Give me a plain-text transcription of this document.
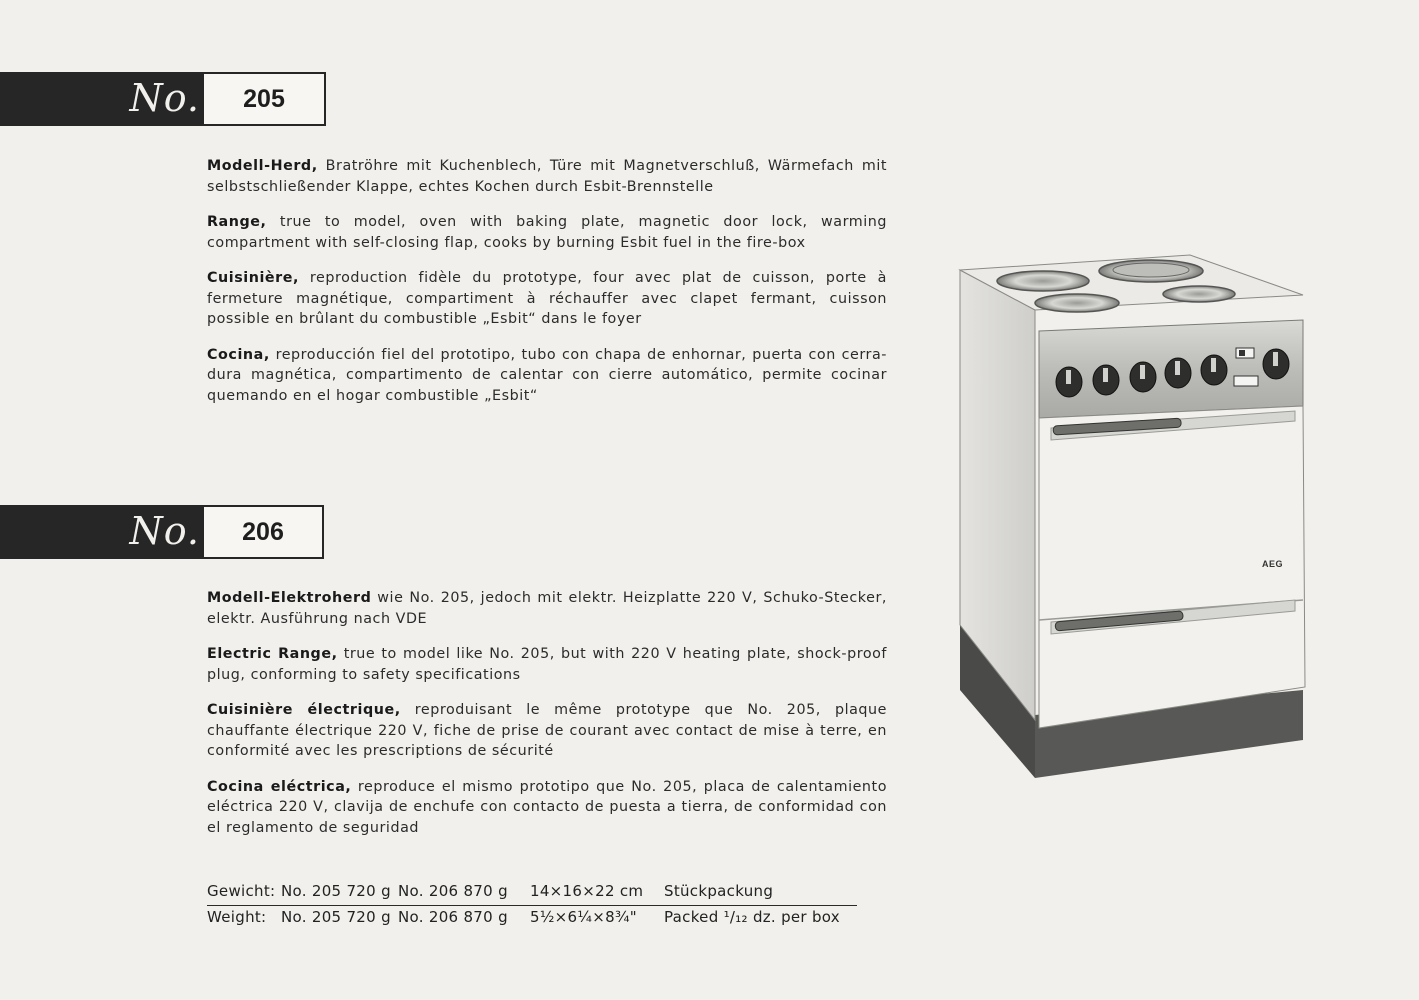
No.	205

Modell-Herd, Bratröhre mit Kuchenblech, Türe mit Magnetverschluß, Wärmefach mit selbstschließender Klappe, echtes Kochen durch Esbit-Brennstelle

Range, true to model, oven with baking plate, magnetic door lock, warming compartment with self-closing flap, cooks by burning Esbit fuel in the fire-box

Cuisinière, reproduction fidèle du prototype, four avec plat de cuisson, porte à fermeture magnétique, compartiment à réchauffer avec clapet fermant, cuisson possible en brûlant du combustible „Esbit“ dans le foyer

Cocina, reproducción fiel del prototipo, tubo con chapa de enhornar, puerta con cerra-dura magnética, compartimento de calentar con cierre automático, permite cocinar quemando en el hogar combustible „Esbit“

No.	206

Modell-Elektroherd wie No. 205, jedoch mit elektr. Heizplatte 220 V, Schuko-Stecker, elektr. Ausführung nach VDE

Electric Range, true to model like No. 205, but with 220 V heating plate, shock-proof plug, conforming to safety specifications

Cuisinière électrique, reproduisant le même prototype que No. 205, plaque chauffante électrique 220 V, fiche de prise de courant avec contact de mise à terre, en conformité avec les prescriptions de sécurité

Cocina eléctrica, reproduce el mismo prototipo que No. 205, placa de calentamiento eléctrica 220 V, clavija de enchufe con contacto de puesta a tierra, de conformidad con el reglamento de seguridad

Gewicht: No. 205 720 g No. 206 870 g 14×16×22 cm Stückpackung
Weight: No. 205 720 g No. 206 870 g 5½×6¼×8¾" Packed ¹/₁₂ dz. per box
AEG
